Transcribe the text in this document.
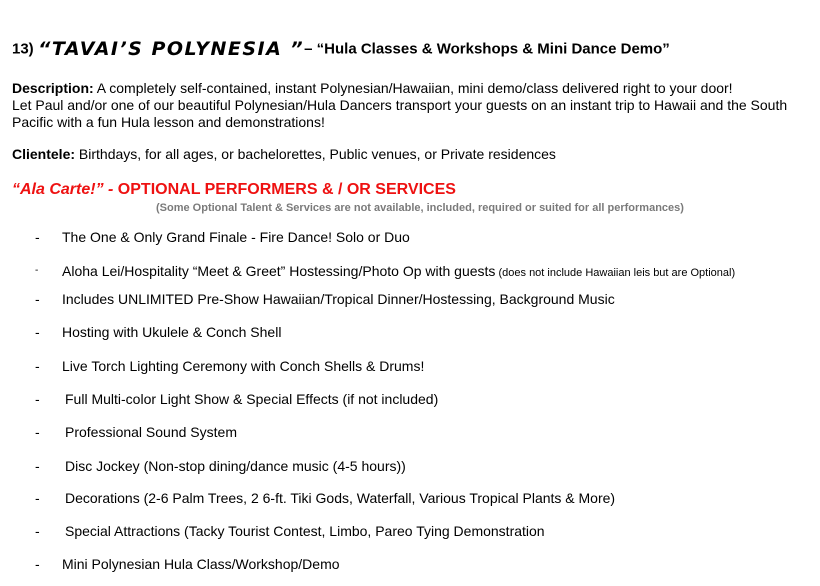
13) “TAVAI’S POLYNESIA ”– “Hula Classes & Workshops & Mini Dance Demo”
Description: A completely self-contained, instant Polynesian/Hawaiian, mini demo/class delivered right to your door!
Let Paul and/or one of our beautiful Polynesian/Hula Dancers transport your guests on an instant trip to Hawaii and the South Pacific with a fun Hula lesson and demonstrations!
Clientele: Birthdays, for all ages, or bachelorettes, Public venues, or Private residences
“Ala Carte!” - OPTIONAL PERFORMERS & / OR SERVICES
(Some Optional Talent & Services are not available, included, required or suited for all performances)
-	The One & Only Grand Finale - Fire Dance! Solo or Duo
-	Aloha Lei/Hospitality “Meet & Greet” Hostessing/Photo Op with guests (does not include Hawaiian leis but are Optional)
-	Includes UNLIMITED Pre-Show Hawaiian/Tropical Dinner/Hostessing, Background Music
-	Hosting with Ukulele & Conch Shell
-	Live Torch Lighting Ceremony with Conch Shells & Drums!
-	Full Multi-color Light Show & Special Effects (if not included)
-	Professional Sound System
-	Disc Jockey (Non-stop dining/dance music (4-5 hours))
-	Decorations (2-6 Palm Trees, 2 6-ft. Tiki Gods, Waterfall, Various Tropical Plants & More)
-	Special Attractions (Tacky Tourist Contest, Limbo, Pareo Tying Demonstration
-	Mini Polynesian Hula Class/Workshop/Demo
